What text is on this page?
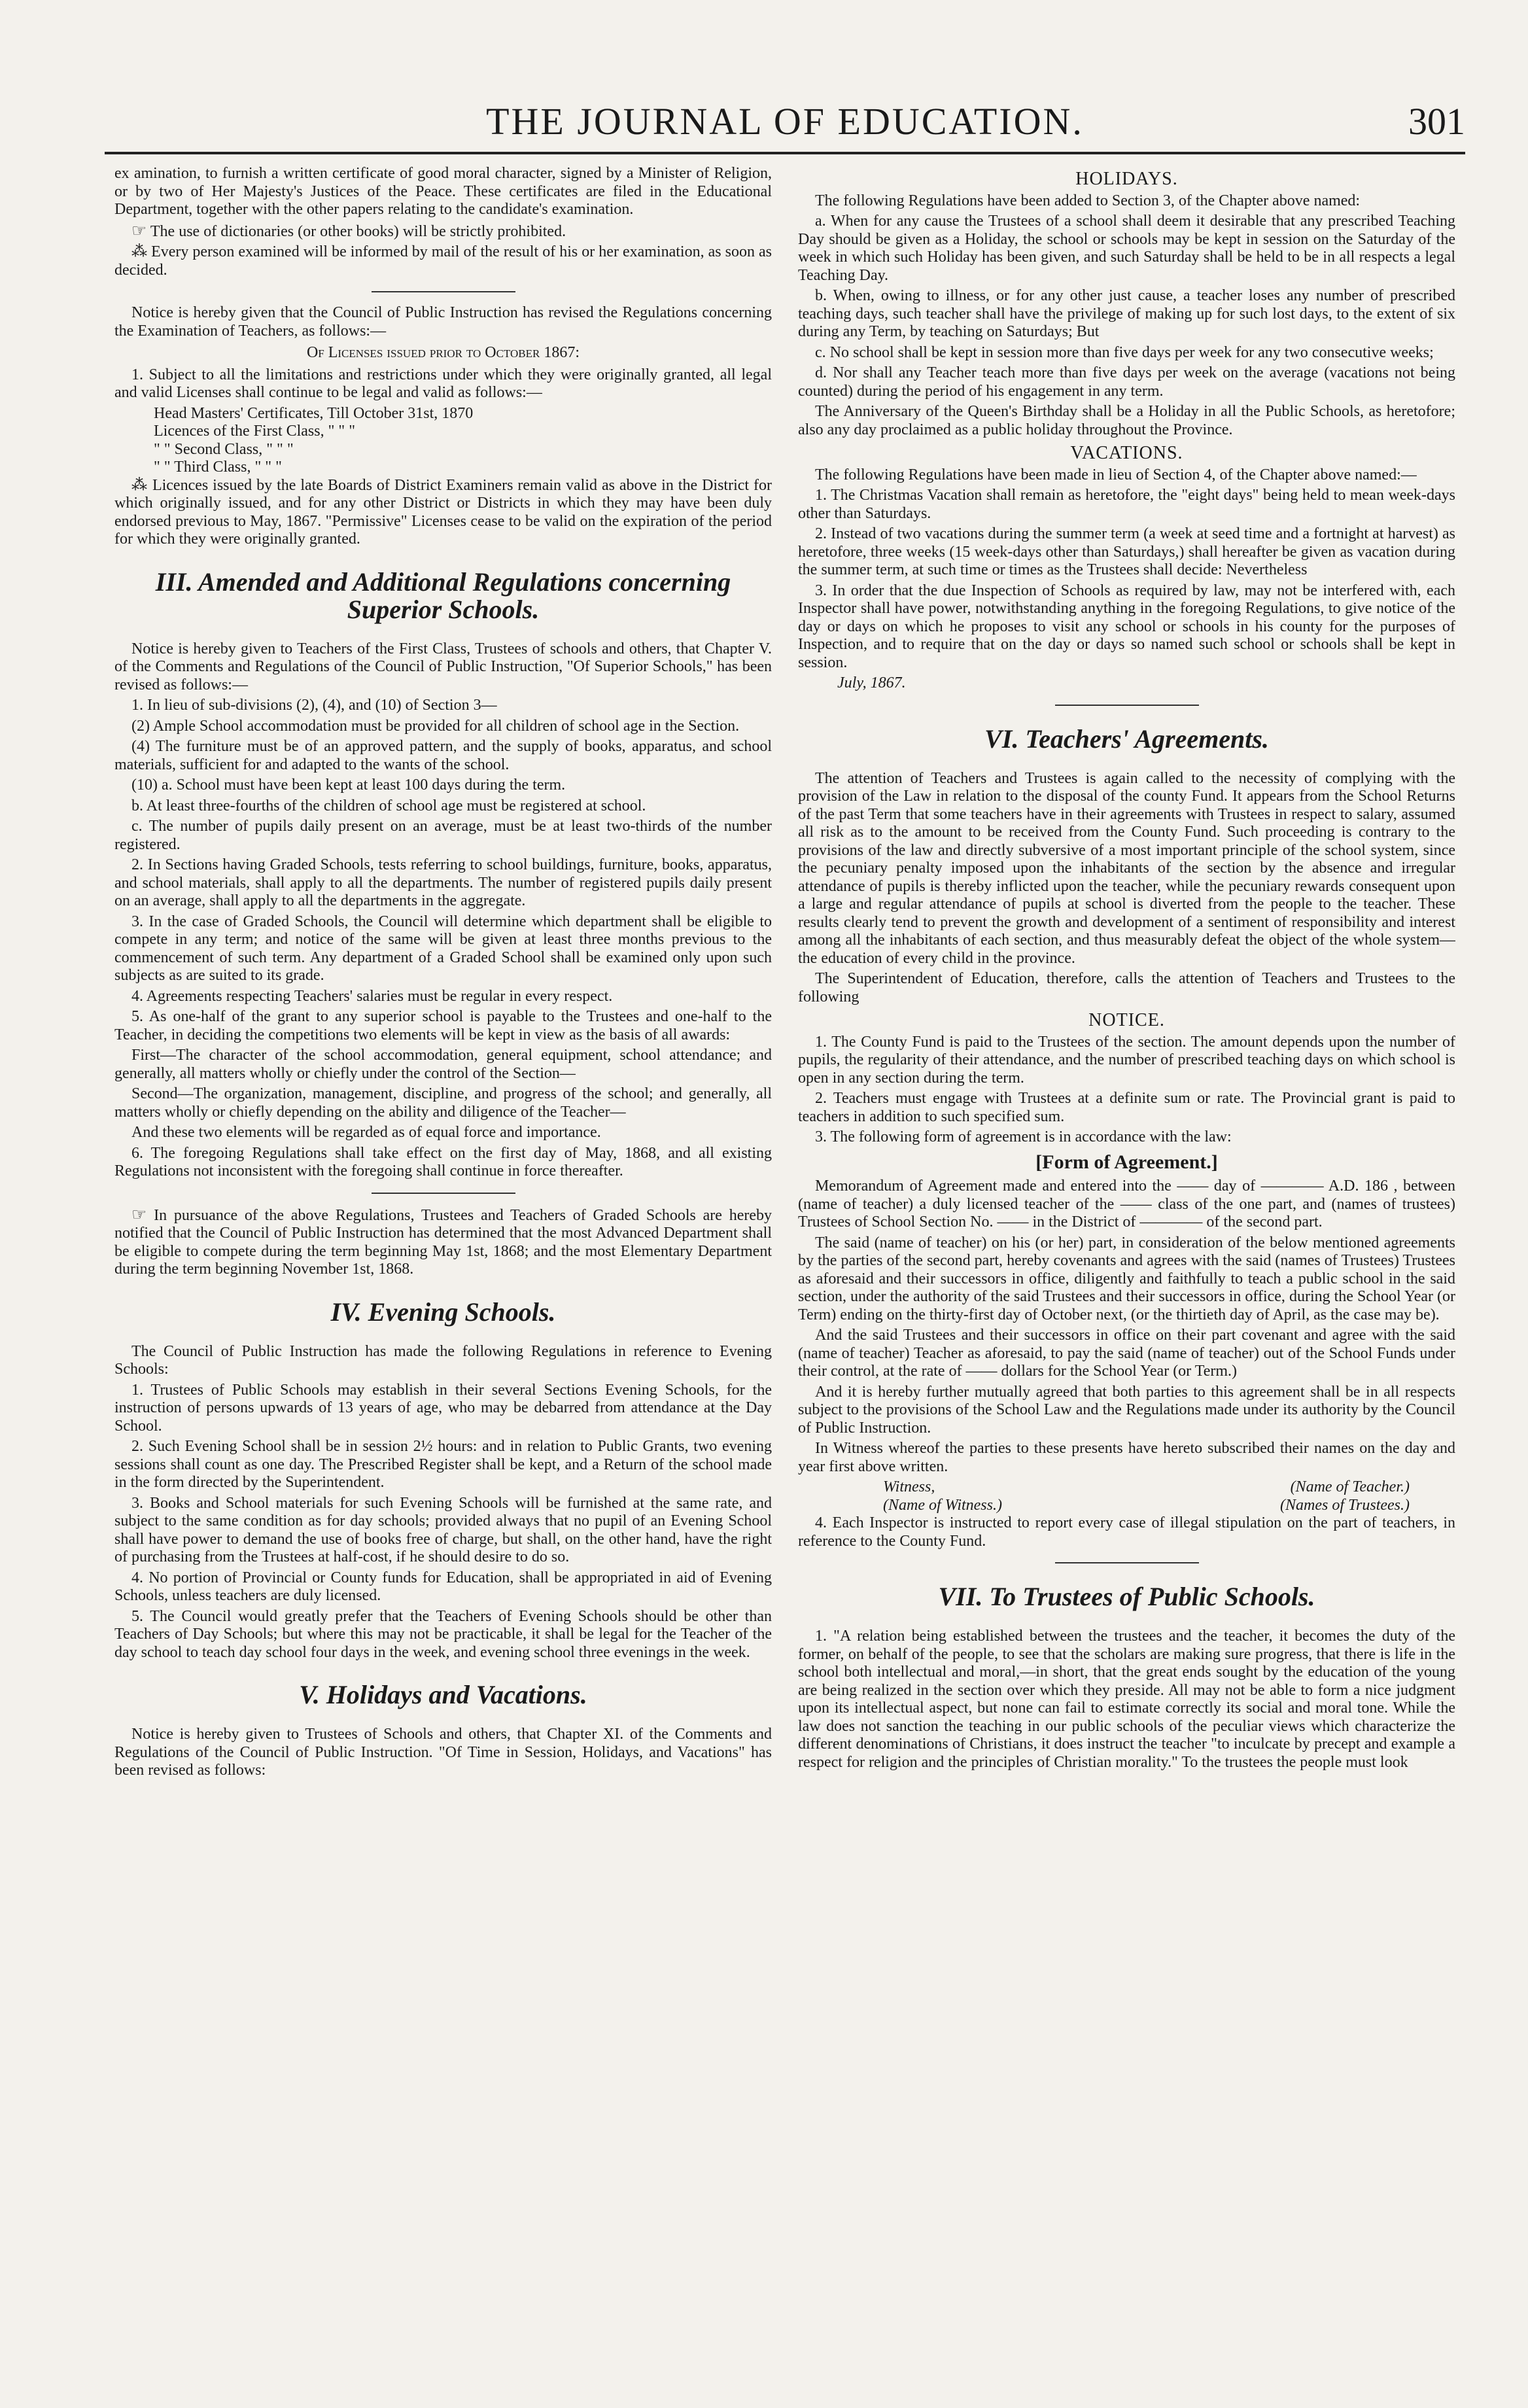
THE JOURNAL OF EDUCATION.	301

ex amination, to furnish a written certificate of good moral character, signed by a Minister of Religion, or by two of Her Majesty's Justices of the Peace. These certificates are filed in the Educational Department, together with the other papers relating to the candidate's examination.

☞ The use of dictionaries (or other books) will be strictly prohibited.

⁂ Every person examined will be informed by mail of the result of his or her examination, as soon as decided.

Notice is hereby given that the Council of Public Instruction has revised the Regulations concerning the Examination of Teachers, as follows:—

Of Licenses issued prior to October 1867:

1. Subject to all the limitations and restrictions under which they were originally granted, all legal and valid Licenses shall continue to be legal and valid as follows:—

Head Masters' Certificates, Till October 31st, 1870

Licences of the First Class, " " "

" " Second Class, " " "

" " Third Class, " " "

⁂ Licences issued by the late Boards of District Examiners remain valid as above in the District for which originally issued, and for any other District or Districts in which they may have been duly endorsed previous to May, 1867. "Permissive" Licenses cease to be valid on the expiration of the period for which they were originally granted.

III. Amended and Additional Regulations concerning Superior Schools.

Notice is hereby given to Teachers of the First Class, Trustees of schools and others, that Chapter V. of the Comments and Regulations of the Council of Public Instruction, "Of Superior Schools," has been revised as follows:—

1. In lieu of sub-divisions (2), (4), and (10) of Section 3—

(2) Ample School accommodation must be provided for all children of school age in the Section.

(4) The furniture must be of an approved pattern, and the supply of books, apparatus, and school materials, sufficient for and adapted to the wants of the school.

(10) a. School must have been kept at least 100 days during the term.

b. At least three-fourths of the children of school age must be registered at school.

c. The number of pupils daily present on an average, must be at least two-thirds of the number registered.

2. In Sections having Graded Schools, tests referring to school buildings, furniture, books, apparatus, and school materials, shall apply to all the departments. The number of registered pupils daily present on an average, shall apply to all the departments in the aggregate.

3. In the case of Graded Schools, the Council will determine which department shall be eligible to compete in any term; and notice of the same will be given at least three months previous to the commencement of such term. Any department of a Graded School shall be examined only upon such subjects as are suited to its grade.

4. Agreements respecting Teachers' salaries must be regular in every respect.

5. As one-half of the grant to any superior school is payable to the Trustees and one-half to the Teacher, in deciding the competitions two elements will be kept in view as the basis of all awards:

First—The character of the school accommodation, general equipment, school attendance; and generally, all matters wholly or chiefly under the control of the Section—

Second—The organization, management, discipline, and progress of the school; and generally, all matters wholly or chiefly depending on the ability and diligence of the Teacher—

And these two elements will be regarded as of equal force and importance.

6. The foregoing Regulations shall take effect on the first day of May, 1868, and all existing Regulations not inconsistent with the foregoing shall continue in force thereafter.

☞ In pursuance of the above Regulations, Trustees and Teachers of Graded Schools are hereby notified that the Council of Public Instruction has determined that the most Advanced Department shall be eligible to compete during the term beginning May 1st, 1868; and the most Elementary Department during the term beginning November 1st, 1868.

IV. Evening Schools.

The Council of Public Instruction has made the following Regulations in reference to Evening Schools:

1. Trustees of Public Schools may establish in their several Sections Evening Schools, for the instruction of persons upwards of 13 years of age, who may be debarred from attendance at the Day School.

2. Such Evening School shall be in session 2½ hours: and in relation to Public Grants, two evening sessions shall count as one day. The Prescribed Register shall be kept, and a Return of the school made in the form directed by the Superintendent.

3. Books and School materials for such Evening Schools will be furnished at the same rate, and subject to the same condition as for day schools; provided always that no pupil of an Evening School shall have power to demand the use of books free of charge, but shall, on the other hand, have the right of purchasing from the Trustees at half-cost, if he should desire to do so.

4. No portion of Provincial or County funds for Education, shall be appropriated in aid of Evening Schools, unless teachers are duly licensed.

5. The Council would greatly prefer that the Teachers of Evening Schools should be other than Teachers of Day Schools; but where this may not be practicable, it shall be legal for the Teacher of the day school to teach day school four days in the week, and evening school three evenings in the week.

V. Holidays and Vacations.

Notice is hereby given to Trustees of Schools and others, that Chapter XI. of the Comments and Regulations of the Council of Public Instruction. "Of Time in Session, Holidays, and Vacations" has been revised as follows:

HOLIDAYS.

The following Regulations have been added to Section 3, of the Chapter above named:

a. When for any cause the Trustees of a school shall deem it desirable that any prescribed Teaching Day should be given as a Holiday, the school or schools may be kept in session on the Saturday of the week in which such Holiday has been given, and such Saturday shall be held to be in all respects a legal Teaching Day.

b. When, owing to illness, or for any other just cause, a teacher loses any number of prescribed teaching days, such teacher shall have the privilege of making up for such lost days, to the extent of six during any Term, by teaching on Saturdays; But

c. No school shall be kept in session more than five days per week for any two consecutive weeks;

d. Nor shall any Teacher teach more than five days per week on the average (vacations not being counted) during the period of his engagement in any term.

The Anniversary of the Queen's Birthday shall be a Holiday in all the Public Schools, as heretofore; also any day proclaimed as a public holiday throughout the Province.

VACATIONS.

The following Regulations have been made in lieu of Section 4, of the Chapter above named:—

1. The Christmas Vacation shall remain as heretofore, the "eight days" being held to mean week-days other than Saturdays.

2. Instead of two vacations during the summer term (a week at seed time and a fortnight at harvest) as heretofore, three weeks (15 week-days other than Saturdays,) shall hereafter be given as vacation during the summer term, at such time or times as the Trustees shall decide: Nevertheless

3. In order that the due Inspection of Schools as required by law, may not be interfered with, each Inspector shall have power, notwithstanding anything in the foregoing Regulations, to give notice of the day or days on which he proposes to visit any school or schools in his county for the purposes of Inspection, and to require that on the day or days so named such school or schools shall be kept in session.

July, 1867.

VI. Teachers' Agreements.

The attention of Teachers and Trustees is again called to the necessity of complying with the provision of the Law in relation to the disposal of the county Fund. It appears from the School Returns of the past Term that some teachers have in their agreements with Trustees in respect to salary, assumed all risk as to the amount to be received from the County Fund. Such proceeding is contrary to the provisions of the law and directly subversive of a most important principle of the school system, since the pecuniary penalty imposed upon the inhabitants of the section by the absence and irregular attendance of pupils is thereby inflicted upon the teacher, while the pecuniary rewards consequent upon a large and regular attendance of pupils at school is diverted from the people to the teacher. These results clearly tend to prevent the growth and development of a sentiment of responsibility and interest among all the inhabitants of each section, and thus measurably defeat the object of the whole system—the education of every child in the province.

The Superintendent of Education, therefore, calls the attention of Teachers and Trustees to the following

NOTICE.

1. The County Fund is paid to the Trustees of the section. The amount depends upon the number of pupils, the regularity of their attendance, and the number of prescribed teaching days on which school is open in any section during the term.

2. Teachers must engage with Trustees at a definite sum or rate. The Provincial grant is paid to teachers in addition to such specified sum.

3. The following form of agreement is in accordance with the law:

[Form of Agreement.]

Memorandum of Agreement made and entered into the —— day of ———— A.D. 186 , between (name of teacher) a duly licensed teacher of the —— class of the one part, and (names of trustees) Trustees of School Section No. —— in the District of ———— of the second part.

The said (name of teacher) on his (or her) part, in consideration of the below mentioned agreements by the parties of the second part, hereby covenants and agrees with the said (names of Trustees) Trustees as aforesaid and their successors in office, diligently and faithfully to teach a public school in the said section, under the authority of the said Trustees and their successors in office, during the School Year (or Term) ending on the thirty-first day of October next, (or the thirtieth day of April, as the case may be).

And the said Trustees and their successors in office on their part covenant and agree with the said (name of teacher) Teacher as aforesaid, to pay the said (name of teacher) out of the School Funds under their control, at the rate of —— dollars for the School Year (or Term.)

And it is hereby further mutually agreed that both parties to this agreement shall be in all respects subject to the provisions of the School Law and the Regulations made under its authority by the Council of Public Instruction.

In Witness whereof the parties to these presents have hereto subscribed their names on the day and year first above written.

Witness,	(Name of Teacher.)
(Name of Witness.)	(Names of Trustees.)

4. Each Inspector is instructed to report every case of illegal stipulation on the part of teachers, in reference to the County Fund.

VII. To Trustees of Public Schools.

1. "A relation being established between the trustees and the teacher, it becomes the duty of the former, on behalf of the people, to see that the scholars are making sure progress, that there is life in the school both intellectual and moral,—in short, that the great ends sought by the education of the young are being realized in the section over which they preside. All may not be able to form a nice judgment upon its intellectual aspect, but none can fail to estimate correctly its social and moral tone. While the law does not sanction the teaching in our public schools of the peculiar views which characterize the different denominations of Christians, it does instruct the teacher "to inculcate by precept and example a respect for religion and the principles of Christian morality." To the trustees the people must look
